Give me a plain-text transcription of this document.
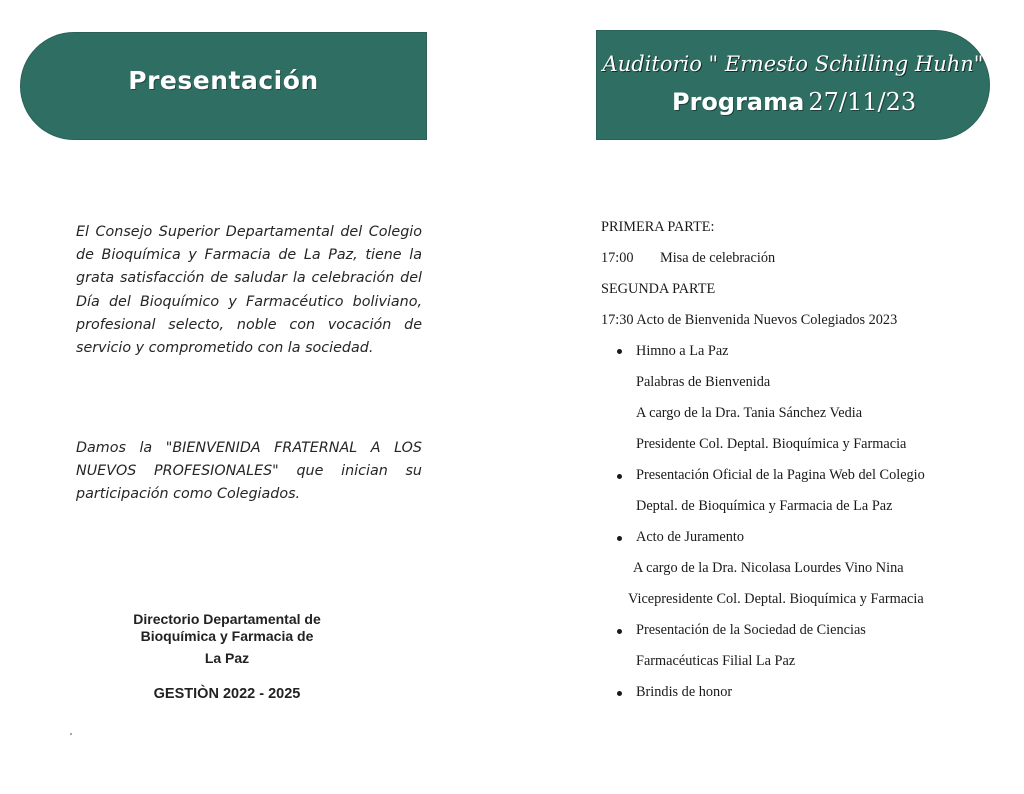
Presentación

El Consejo Superior Departamental del Colegio de Bioquímica y Farmacia de La Paz, tiene la grata satisfacción de saludar la celebración del Día del Bioquímico y Farmacéutico boliviano, profesional selecto, noble con vocación de servicio y comprometido con la sociedad.

Damos la "BIENVENIDA FRATERNAL A LOS NUEVOS PROFESIONALES" que inician su participación como Colegiados.

Directorio Departamental de
Bioquímica y Farmacia de
La Paz
GESTIÒN 2022 - 2025
Auditorio " Ernesto Schilling Huhn"
Programa 27/11/23
PRIMERA PARTE:
17:00 Misa de celebración
SEGUNDA PARTE
17:30 Acto de Bienvenida Nuevos Colegiados 2023
Himno a La Paz
Palabras de Bienvenida
A cargo de la Dra. Tania Sánchez Vedia
Presidente Col. Deptal. Bioquímica y Farmacia
Presentación Oficial de la Pagina Web del Colegio
Deptal. de Bioquímica y Farmacia de La Paz
Acto de Juramento
A cargo de la Dra. Nicolasa Lourdes Vino Nina
Vicepresidente Col. Deptal. Bioquímica y Farmacia
Presentación de la Sociedad de Ciencias
Farmacéuticas Filial La Paz
Brindis de honor
